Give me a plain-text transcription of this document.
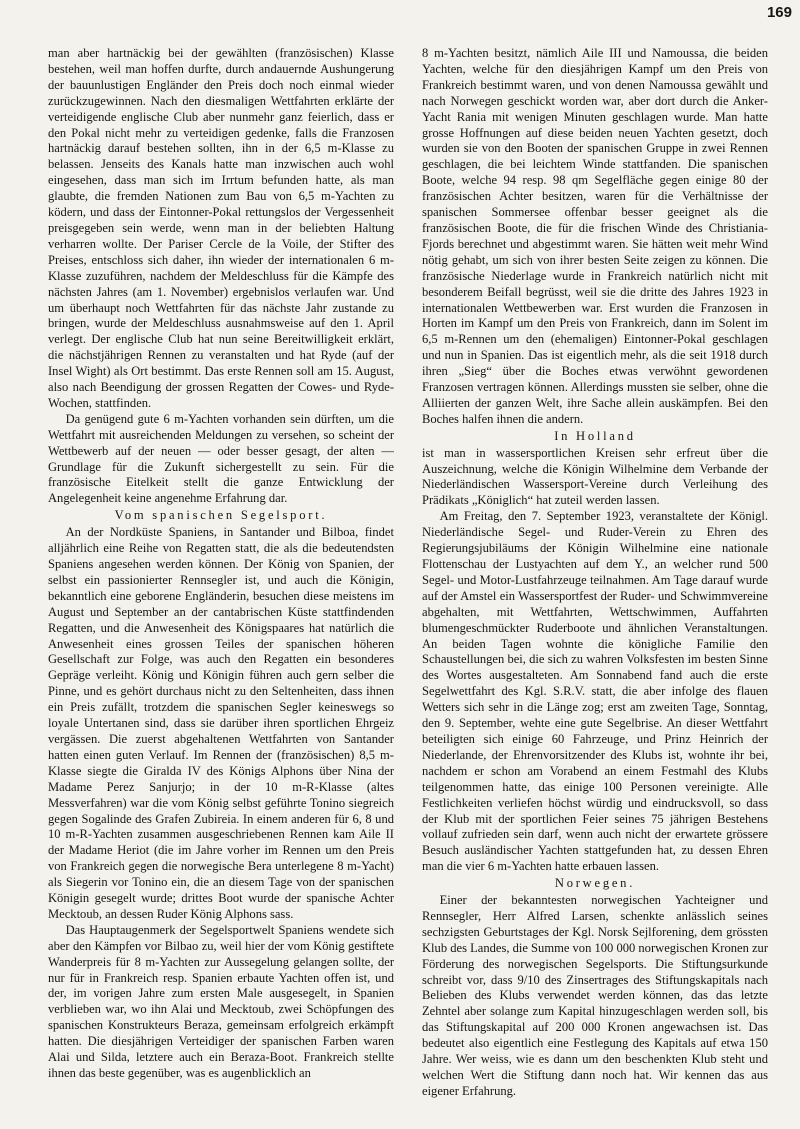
169

man aber hartnäckig bei der gewählten (französischen) Klasse bestehen, weil man hoffen durfte, durch andauernde Aushungerung der bauunlustigen Engländer den Preis doch noch einmal wieder zurückzugewinnen. Nach den diesmaligen Wettfahrten erklärte der verteidigende englische Club aber nunmehr ganz feierlich, dass er den Pokal nicht mehr zu verteidigen gedenke, falls die Franzosen hartnäckig darauf bestehen sollten, ihn in der 6,5 m-Klasse zu belassen. Jenseits des Kanals hatte man inzwischen auch wohl eingesehen, dass man sich im Irrtum befunden hatte, als man glaubte, die fremden Nationen zum Bau von 6,5 m-Yachten zu ködern, und dass der Eintonner-Pokal rettungslos der Vergessenheit preisgegeben sein werde, wenn man in der beliebten Haltung verharren wollte. Der Pariser Cercle de la Voile, der Stifter des Preises, entschloss sich daher, ihn wieder der internationalen 6 m-Klasse zuzuführen, nachdem der Meldeschluss für die Kämpfe des nächsten Jahres (am 1. November) ergebnislos verlaufen war. Und um überhaupt noch Wettfahrten für das nächste Jahr zustande zu bringen, wurde der Meldeschluss ausnahmsweise auf den 1. April verlegt. Der englische Club hat nun seine Bereitwilligkeit erklärt, die nächstjährigen Rennen zu veranstalten und hat Ryde (auf der Insel Wight) als Ort bestimmt. Das erste Rennen soll am 15. August, also nach Beendigung der grossen Regatten der Cowes- und Ryde-Wochen, stattfinden.

Da genügend gute 6 m-Yachten vorhanden sein dürften, um die Wettfahrt mit ausreichenden Meldungen zu versehen, so scheint der Wettbewerb auf der neuen — oder besser gesagt, der alten — Grundlage für die Zukunft sichergestellt zu sein. Für die französische Eitelkeit stellt die ganze Entwicklung der Angelegenheit keine angenehme Erfahrung dar.

Vom spanischen Segelsport.

An der Nordküste Spaniens, in Santander und Bilboa, findet alljährlich eine Reihe von Regatten statt, die als die bedeutendsten Spaniens angesehen werden können. Der König von Spanien, der selbst ein passionierter Rennsegler ist, und auch die Königin, bekanntlich eine geborene Engländerin, besuchen diese meistens im August und September an der cantabrischen Küste stattfindenden Regatten, und die Anwesenheit des Königspaares hat natürlich die Anwesenheit eines grossen Teiles der spanischen höheren Gesellschaft zur Folge, was auch den Regatten ein besonderes Gepräge verleiht. König und Königin führen auch gern selber die Pinne, und es gehört durchaus nicht zu den Seltenheiten, dass ihnen ein Preis zufällt, trotzdem die spanischen Segler keineswegs so loyale Untertanen sind, dass sie darüber ihren sportlichen Ehrgeiz vergässen. Die zuerst abgehaltenen Wettfahrten von Santander hatten einen guten Verlauf. Im Rennen der (französischen) 8,5 m-Klasse siegte die Giralda IV des Königs Alphons über Nina der Madame Perez Sanjurjo; in der 10 m-R-Klasse (altes Messverfahren) war die vom König selbst geführte Tonino siegreich gegen Sogalinde des Grafen Zubireia. In einem anderen für 6, 8 und 10 m-R-Yachten zusammen ausgeschriebenen Rennen kam Aile II der Madame Heriot (die im Jahre vorher im Rennen um den Preis von Frankreich gegen die norwegische Bera unterlegene 8 m-Yacht) als Siegerin vor Tonino ein, die an diesem Tage von der spanischen Königin gesegelt wurde; drittes Boot wurde der spanische Achter Mecktoub, an dessen Ruder König Alphons sass.

Das Hauptaugenmerk der Segelsportwelt Spaniens wendete sich aber den Kämpfen vor Bilbao zu, weil hier der vom König gestiftete Wanderpreis für 8 m-Yachten zur Aussegelung gelangen sollte, der nur für in Frankreich resp. Spanien erbaute Yachten offen ist, und der, im vorigen Jahre zum ersten Male ausgesegelt, in Spanien verblieben war, wo ihn Alai und Mecktoub, zwei Schöpfungen des spanischen Konstrukteurs Beraza, gemeinsam erfolgreich erkämpft hatten. Die diesjährigen Verteidiger der spanischen Farben waren Alai und Silda, letztere auch ein Beraza-Boot. Frankreich stellte ihnen das beste gegenüber, was es augenblicklich an

8 m-Yachten besitzt, nämlich Aile III und Namoussa, die beiden Yachten, welche für den diesjährigen Kampf um den Preis von Frankreich bestimmt waren, und von denen Namoussa gewählt und nach Norwegen geschickt worden war, aber dort durch die Anker-Yacht Rania mit wenigen Minuten geschlagen wurde. Man hatte grosse Hoffnungen auf diese beiden neuen Yachten gesetzt, doch wurden sie von den Booten der spanischen Gruppe in zwei Rennen geschlagen, die bei leichtem Winde stattfanden. Die spanischen Boote, welche 94 resp. 98 qm Segelfläche gegen einige 80 der französischen Achter besitzen, waren für die Verhältnisse der spanischen Sommersee offenbar besser geeignet als die französischen Boote, die für die frischen Winde des Christiania-Fjords berechnet und abgestimmt waren. Sie hätten weit mehr Wind nötig gehabt, um sich von ihrer besten Seite zeigen zu können. Die französische Niederlage wurde in Frankreich natürlich nicht mit besonderem Beifall begrüsst, weil sie die dritte des Jahres 1923 in internationalen Wettbewerben war. Erst wurden die Franzosen in Horten im Kampf um den Preis von Frankreich, dann im Solent im 6,5 m-Rennen um den (ehemaligen) Eintonner-Pokal geschlagen und nun in Spanien. Das ist eigentlich mehr, als die seit 1918 durch ihren „Sieg“ über die Boches etwas verwöhnt gewordenen Franzosen vertragen können. Allerdings mussten sie selber, ohne die Alliierten der ganzen Welt, ihre Sache allein auskämpfen. Bei den Boches halfen ihnen die andern.

In Holland

ist man in wassersportlichen Kreisen sehr erfreut über die Auszeichnung, welche die Königin Wilhelmine dem Verbande der Niederländischen Wassersport-Vereine durch Verleihung des Prädikats „Königlich“ hat zuteil werden lassen.

Am Freitag, den 7. September 1923, veranstaltete der Königl. Niederländische Segel- und Ruder-Verein zu Ehren des Regierungsjubiläums der Königin Wilhelmine eine nationale Flottenschau der Lustyachten auf dem Y., an welcher rund 500 Segel- und Motor-Lustfahrzeuge teilnahmen. Am Tage darauf wurde auf der Amstel ein Wassersportfest der Ruder- und Schwimmvereine abgehalten, mit Wettfahrten, Wettschwimmen, Auffahrten blumengeschmückter Ruderboote und ähnlichen Veranstaltungen. An beiden Tagen wohnte die königliche Familie den Schaustellungen bei, die sich zu wahren Volksfesten im besten Sinne des Wortes ausgestalteten. Am Sonnabend fand auch die erste Segelwettfahrt des Kgl. S.R.V. statt, die aber infolge des flauen Wetters sich sehr in die Länge zog; erst am zweiten Tage, Sonntag, den 9. September, wehte eine gute Segelbrise. An dieser Wettfahrt beteiligten sich einige 60 Fahrzeuge, und Prinz Heinrich der Niederlande, der Ehrenvorsitzender des Klubs ist, wohnte ihr bei, nachdem er schon am Vorabend an einem Festmahl des Klubs teilgenommen hatte, das einige 100 Personen vereinigte. Alle Festlichkeiten verliefen höchst würdig und eindrucksvoll, so dass der Klub mit der sportlichen Feier seines 75 jährigen Bestehens vollauf zufrieden sein darf, wenn auch nicht der erwartete grössere Besuch ausländischer Yachten stattgefunden hat, zu dessen Ehren man die vier 6 m-Yachten hatte erbauen lassen.

Norwegen.

Einer der bekanntesten norwegischen Yachteigner und Rennsegler, Herr Alfred Larsen, schenkte anlässlich seines sechzigsten Geburtstages der Kgl. Norsk Sejlforening, dem grössten Klub des Landes, die Summe von 100 000 norwegischen Kronen zur Förderung des norwegischen Segelsports. Die Stiftungsurkunde schreibt vor, dass 9/10 des Zinsertrages des Stiftungskapitals nach Belieben des Klubs verwendet werden können, das das letzte Zehntel aber solange zum Kapital hinzugeschlagen werden soll, bis das Stiftungskapital auf 200 000 Kronen angewachsen ist. Das bedeutet also eigentlich eine Festlegung des Kapitals auf etwa 150 Jahre. Wer weiss, wie es dann um den beschenkten Klub steht und welchen Wert die Stiftung dann noch hat. Wir kennen das aus eigener Erfahrung.
